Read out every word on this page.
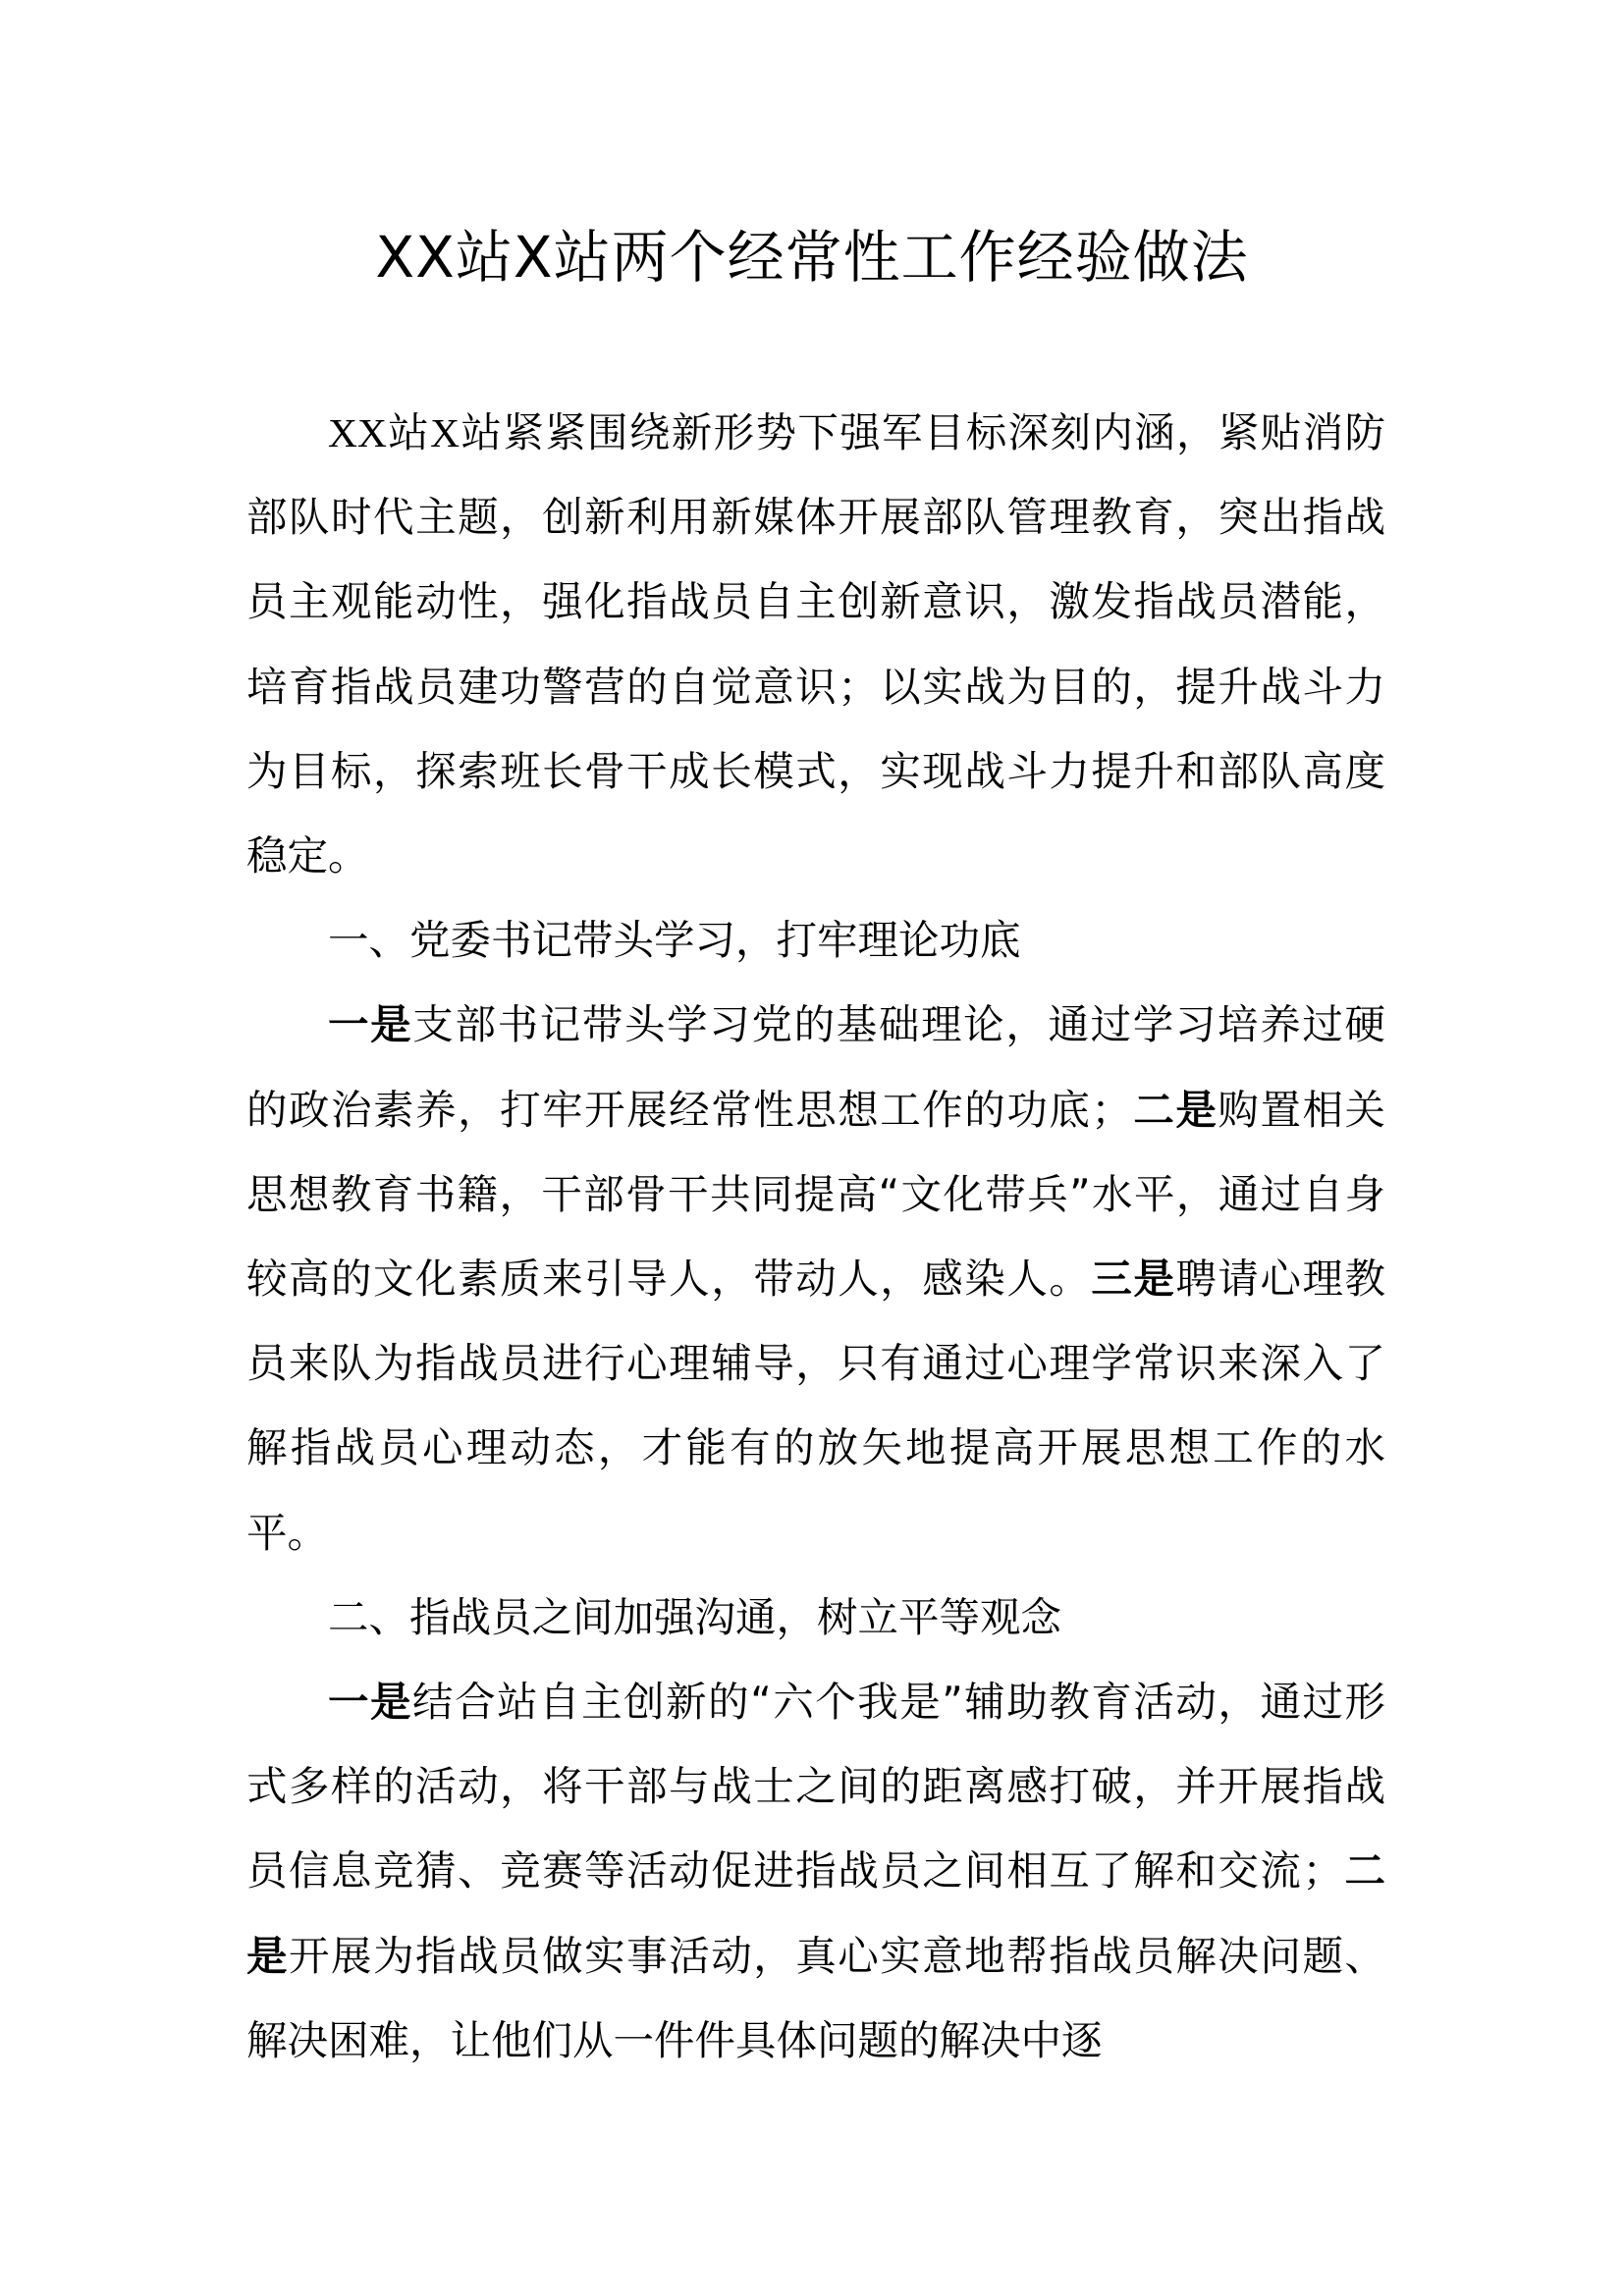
XX站X站两个经常性工作经验做法

XX站X站紧紧围绕新形势下强军目标深刻内涵，紧贴消防部队时代主题，创新利用新媒体开展部队管理教育，突出指战员主观能动性，强化指战员自主创新意识，激发指战员潜能，培育指战员建功警营的自觉意识；以实战为目的，提升战斗力为目标，探索班长骨干成长模式，实现战斗力提升和部队高度稳定。

一、党委书记带头学习，打牢理论功底

一是支部书记带头学习党的基础理论，通过学习培养过硬的政治素养，打牢开展经常性思想工作的功底；二是购置相关思想教育书籍，干部骨干共同提高“文化带兵”水平，通过自身较高的文化素质来引导人，带动人，感染人。三是聘请心理教员来队为指战员进行心理辅导，只有通过心理学常识来深入了解指战员心理动态，才能有的放矢地提高开展思想工作的水平。

二、指战员之间加强沟通，树立平等观念

一是结合站自主创新的“六个我是”辅助教育活动，通过形式多样的活动，将干部与战士之间的距离感打破，并开展指战员信息竞猜、竞赛等活动促进指战员之间相互了解和交流；二是开展为指战员做实事活动，真心实意地帮指战员解决问题、解决困难，让他们从一件件具体问题的解决中逐
